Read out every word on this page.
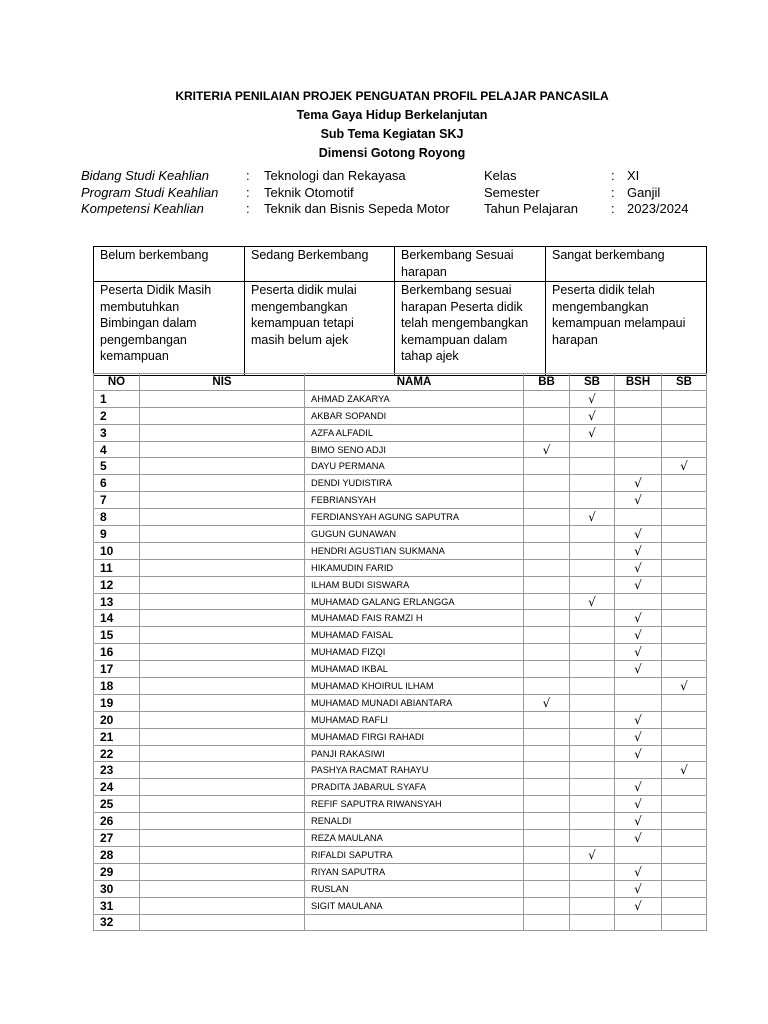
KRITERIA PENILAIAN PROJEK PENGUATAN PROFIL PELAJAR PANCASILA
Tema Gaya Hidup Berkelanjutan
Sub Tema Kegiatan SKJ
Dimensi Gotong Royong
Bidang Studi Keahlian	: Teknologi dan Rekayasa	Kelas	: XI
Program Studi Keahlian : Teknik Otomotif	Semester	: Ganjil
Kompetensi Keahlian	: Teknik dan Bisnis Sepeda Motor	Tahun Pelajaran	: 2023/2024
Belum berkembang	Sedang Berkembang	Berkembang Sesuai harapan	Sangat berkembang
Peserta Didik Masih membutuhkan Bimbingan dalam pengembangan kemampuan	Peserta didik mulai mengembangkan kemampuan tetapi masih belum ajek	Berkembang sesuai harapan Peserta didik telah mengembangkan kemampuan dalam tahap ajek	Peserta didik telah mengembangkan kemampuan melampaui harapan
NO	NIS	NAMA	BB	SB	BSH	SB
1		AHMAD ZAKARYA		√		
2		AKBAR SOPANDI		√		
3		AZFA ALFADIL		√		
4		BIMO SENO ADJI	√			
5		DAYU PERMANA				√
6		DENDI YUDISTIRA			√	
7		FEBRIANSYAH			√	
8		FERDIANSYAH AGUNG SAPUTRA		√		
9		GUGUN GUNAWAN			√	
10		HENDRI AGUSTIAN SUKMANA			√	
11		HIKAMUDIN FARID			√	
12		ILHAM BUDI SISWARA			√	
13		MUHAMAD GALANG ERLANGGA		√		
14		MUHAMAD FAIS RAMZI H			√	
15		MUHAMAD FAISAL			√	
16		MUHAMAD FIZQI			√	
17		MUHAMAD IKBAL			√	
18		MUHAMAD KHOIRUL ILHAM				√
19		MUHAMAD MUNADI ABIANTARA	√			
20		MUHAMAD RAFLI			√	
21		MUHAMAD FIRGI RAHADI			√	
22		PANJI RAKASIWI			√	
23		PASHYA RACMAT RAHAYU				√
24		PRADITA JABARUL SYAFA			√	
25		REFIF SAPUTRA RIWANSYAH			√	
26		RENALDI			√	
27		REZA MAULANA			√	
28		RIFALDI SAPUTRA		√		
29		RIYAN SAPUTRA			√	
30		RUSLAN			√	
31		SIGIT MAULANA			√	
32						
